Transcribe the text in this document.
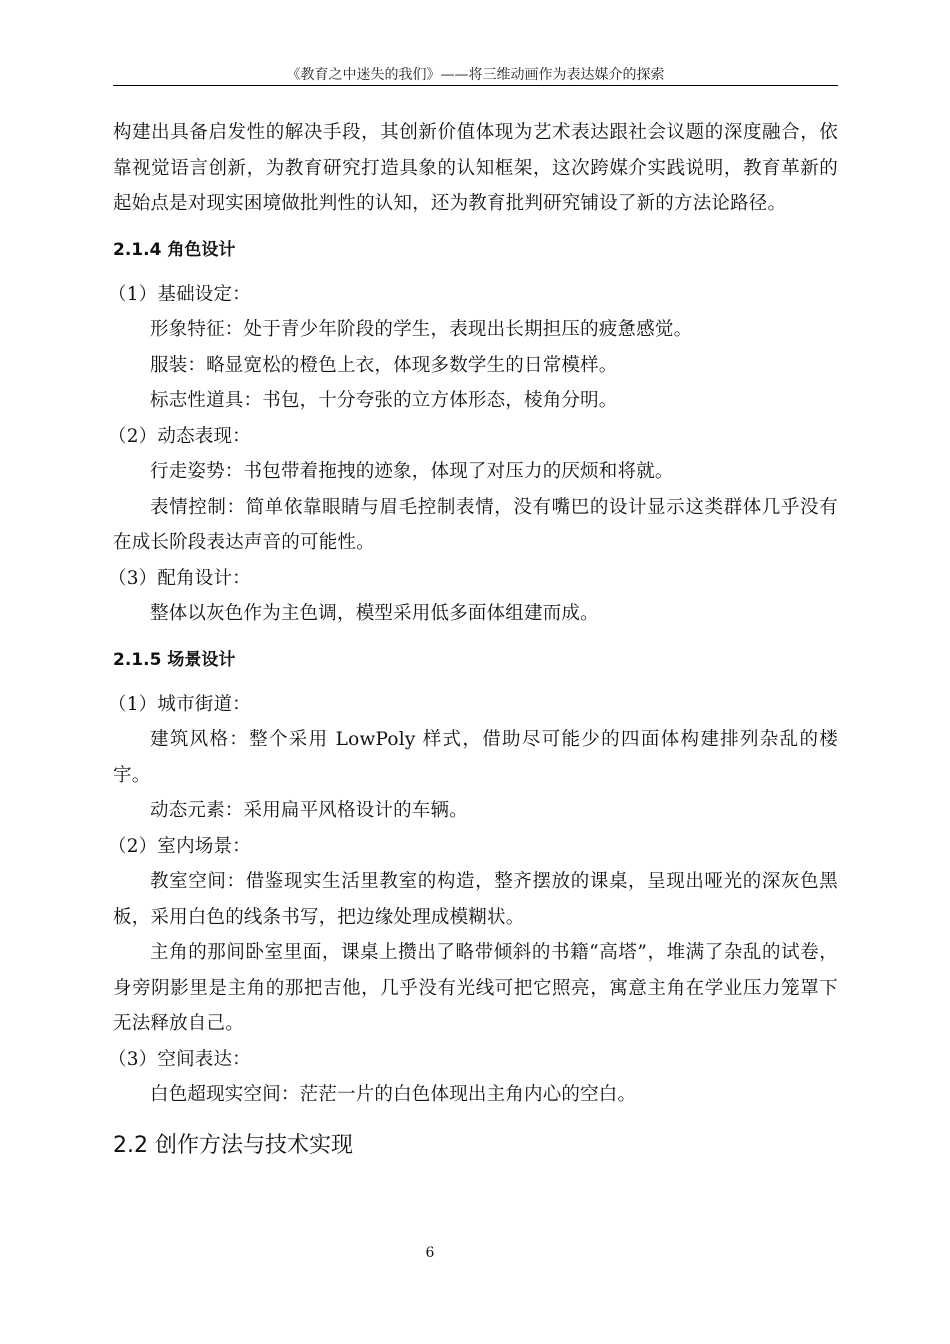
《教育之中迷失的我们》——将三维动画作为表达媒介的探索

构建出具备启发性的解决手段，其创新价值体现为艺术表达跟社会议题的深度融合，依靠视觉语言创新，为教育研究打造具象的认知框架，这次跨媒介实践说明，教育革新的起始点是对现实困境做批判性的认知，还为教育批判研究铺设了新的方法论路径。

2.1.4 角色设计

（1）基础设定：

形象特征：处于青少年阶段的学生，表现出长期担压的疲惫感觉。

服装：略显宽松的橙色上衣，体现多数学生的日常模样。

标志性道具：书包，十分夸张的立方体形态，棱角分明。

（2）动态表现：

行走姿势：书包带着拖拽的迹象，体现了对压力的厌烦和将就。

表情控制：简单依靠眼睛与眉毛控制表情，没有嘴巴的设计显示这类群体几乎没有在成长阶段表达声音的可能性。

（3）配角设计：

整体以灰色作为主色调，模型采用低多面体组建而成。

2.1.5 场景设计

（1）城市街道：

建筑风格：整个采用 LowPoly 样式，借助尽可能少的四面体构建排列杂乱的楼宇。

动态元素：采用扁平风格设计的车辆。

（2）室内场景：

教室空间：借鉴现实生活里教室的构造，整齐摆放的课桌，呈现出哑光的深灰色黑板，采用白色的线条书写，把边缘处理成模糊状。

主角的那间卧室里面，课桌上攒出了略带倾斜的书籍“高塔”，堆满了杂乱的试卷，身旁阴影里是主角的那把吉他，几乎没有光线可把它照亮，寓意主角在学业压力笼罩下无法释放自己。

（3）空间表达：

白色超现实空间：茫茫一片的白色体现出主角内心的空白。

2.2 创作方法与技术实现
6
